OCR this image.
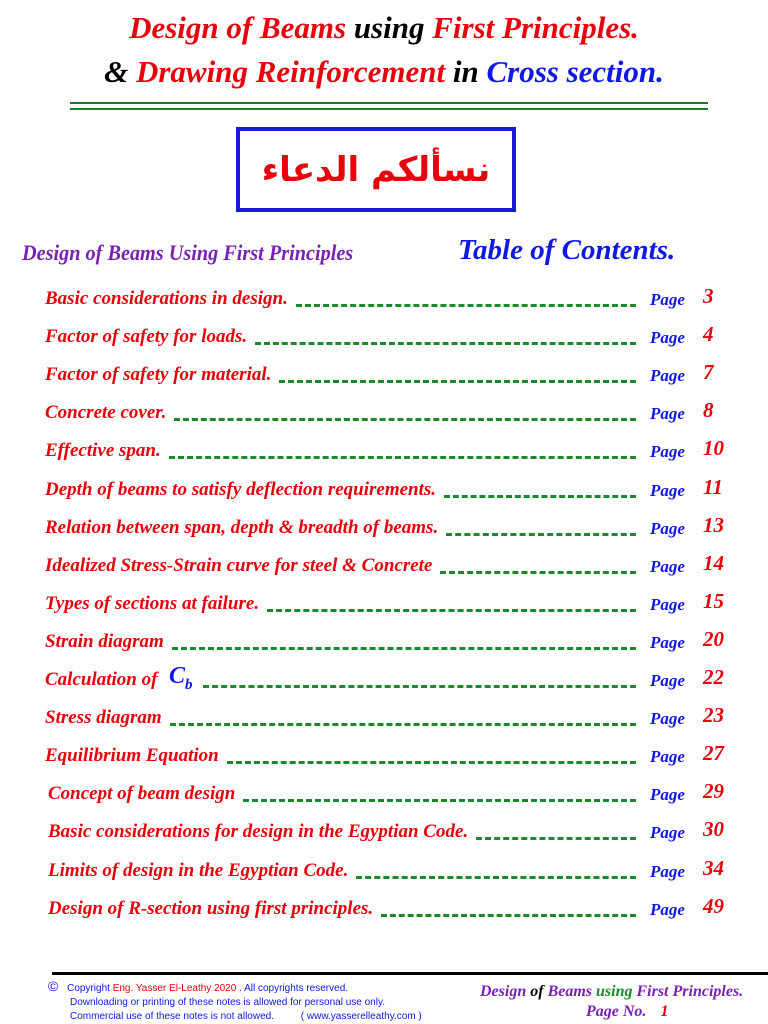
Design of Beams using First Principles.
& Drawing Reinforcement in Cross section.
نسألكم الدعاء
Design of Beams Using First Principles	Table of Contents.
Basic considerations in design.	Page 3
Factor of safety for loads.	Page 4
Factor of safety for material.	Page 7
Concrete cover.	Page 8
Effective span.	Page 10
Depth of beams to satisfy deflection requirements.	Page 11
Relation between span, depth & breadth of beams.	Page 13
Idealized Stress-Strain curve for steel & Concrete	Page 14
Types of sections at failure.	Page 15
Strain diagram	Page 20
Calculation of $C_b$	Page 22
Stress diagram	Page 23
Equilibrium Equation	Page 27
Concept of beam design	Page 29
Basic considerations for design in the Egyptian Code.	Page 30
Limits of design in the Egyptian Code.	Page 34
Design of R-section using first principles.	Page 49
© Copyright Eng. Yasser El-Leathy 2020 . All copyrights reserved.
Downloading or printing of these notes is allowed for personal use only.
Commercial use of these notes is not allowed.	( www.yasserelleathy.com )
Design of Beams using First Principles.
Page No. 1
